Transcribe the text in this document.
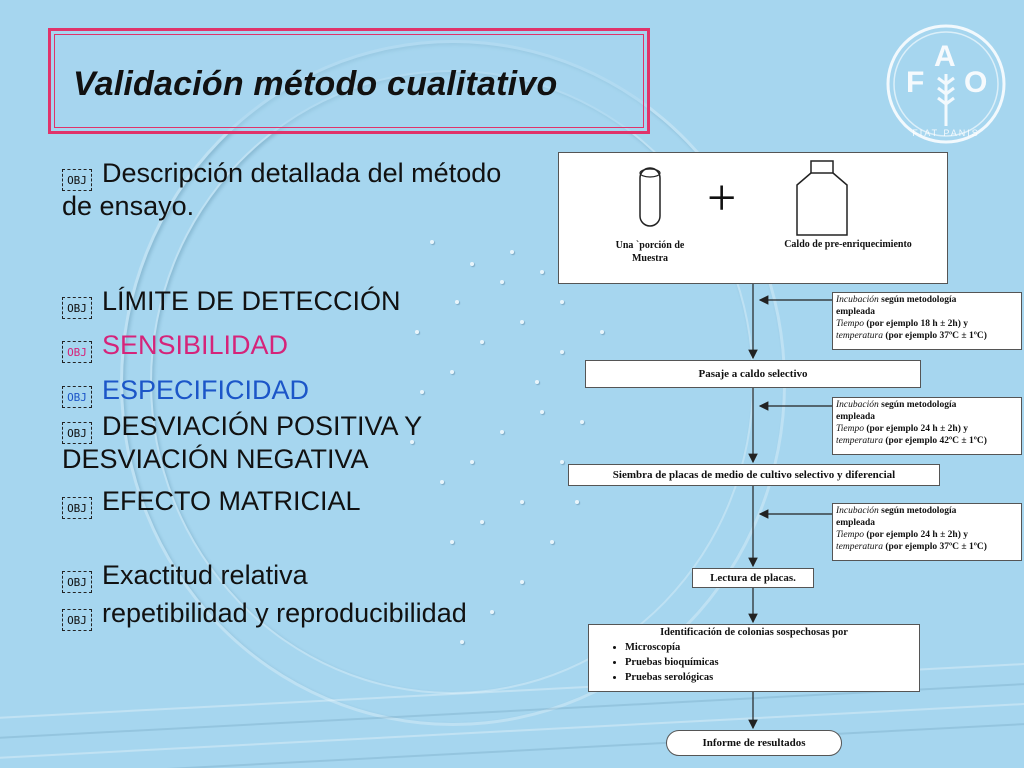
Validación método cualitativo	F
A
O
FIAT PANIS
OBJ Descripción detallada del método de ensayo.
OBJ LÍMITE DE DETECCIÓN
OBJ SENSIBILIDAD
OBJ ESPECIFICIDAD
OBJ DESVIACIÓN POSITIVA Y DESVIACIÓN NEGATIVA
OBJ EFECTO MATRICIAL
OBJ Exactitud relativa
OBJ repetibilidad y reproducibilidad
+
Una `porción de Muestra
Caldo de pre-enriquecimiento
Incubación según metodología
empleada
Tiempo (por ejemplo 18 h ± 2h) y
temperatura (por ejemplo 37ºC ± 1ºC)
Pasaje a caldo selectivo
Incubación según metodología
empleada
Tiempo (por ejemplo 24 h ± 2h) y
temperatura (por ejemplo 42ºC ± 1ºC)
Siembra de placas de medio de cultivo selectivo y diferencial
Incubación según metodología
empleada
Tiempo (por ejemplo 24 h ± 2h) y
temperatura (por ejemplo 37ºC ± 1ºC)
Lectura de placas.
Identificación de colonias sospechosas por
• Microscopía
• Pruebas bioquímicas
• Pruebas serológicas
Informe de resultados
